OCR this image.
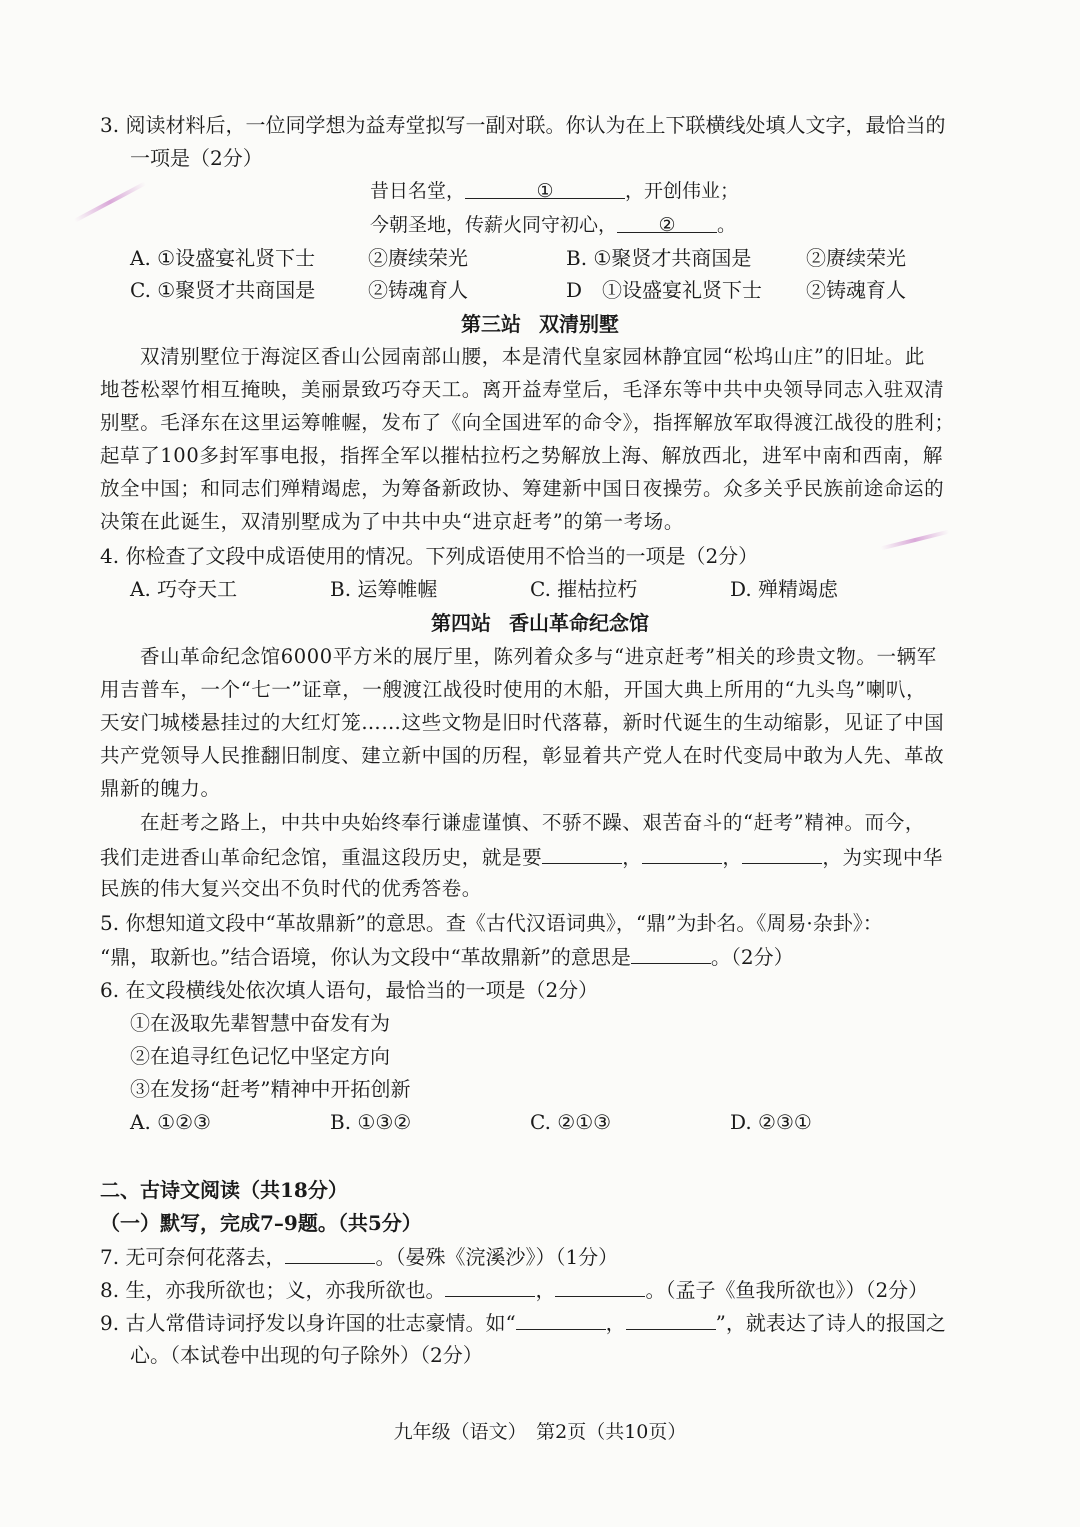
3. 阅读材料后，一位同学想为益寿堂拟写一副对联。你认为在上下联横线处填人文字，最恰当的
一项是（2分）
昔日名堂，	①	，开创伟业；
今朝圣地，传薪火同守初心， ② 。
A. ①设盛宴礼贤下士	②赓续荣光	B. ①聚贤才共商国是	②赓续荣光
C. ①聚贤才共商国是	②铸魂育人	D　①设盛宴礼贤下士 ②铸魂育人
第三站 双清别墅
双清别墅位于海淀区香山公园南部山腰，本是清代皇家园林静宜园“松坞山庄”的旧址。此
地苍松翠竹相互掩映，美丽景致巧夺天工。离开益寿堂后，毛泽东等中共中央领导同志入驻双清
别墅。毛泽东在这里运筹帷幄，发布了《向全国进军的命令》，指挥解放军取得渡江战役的胜利；
起草了100多封军事电报，指挥全军以摧枯拉朽之势解放上海、解放西北，进军中南和西南，解
放全中国；和同志们殚精竭虑，为筹备新政协、筹建新中国日夜操劳。众多关乎民族前途命运的
决策在此诞生，双清别墅成为了中共中央“进京赶考”的第一考场。
4. 你检查了文段中成语使用的情况。下列成语使用不恰当的一项是（2分）
A. 巧夺天工	B. 运筹帷幄	C. 摧枯拉朽	D. 殚精竭虑
第四站 香山革命纪念馆
香山革命纪念馆6000平方米的展厅里，陈列着众多与“进京赶考”相关的珍贵文物。一辆军
用吉普车，一个“七一”证章，一艘渡江战役时使用的木船，开国大典上所用的“九头鸟”喇叭，
天安门城楼悬挂过的大红灯笼……这些文物是旧时代落幕，新时代诞生的生动缩影，见证了中国
共产党领导人民推翻旧制度、建立新中国的历程，彰显着共产党人在时代变局中敢为人先、革故
鼎新的魄力。
在赶考之路上，中共中央始终奉行谦虚谨慎、不骄不躁、艰苦奋斗的“赶考”精神。而今，
我们走进香山革命纪念馆，重温这段历史，就是要	，	，	，为实现中华
民族的伟大复兴交出不负时代的优秀答卷。
5. 你想知道文段中“革故鼎新”的意思。查《古代汉语词典》，“鼎”为卦名。《周易·杂卦》：
“鼎，取新也。”结合语境，你认为文段中“革故鼎新”的意思是	。（2分）
6. 在文段横线处依次填人语句，最恰当的一项是（2分）
①在汲取先辈智慧中奋发有为
②在追寻红色记忆中坚定方向
③在发扬“赶考”精神中开拓创新
A. ①②③	B. ①③②	C. ②①③	D. ②③①
二、古诗文阅读（共18分）
（一）默写，完成7–9题。（共5分）
7. 无可奈何花落去，	。（晏殊《浣溪沙》）（1分）
8. 生，亦我所欲也；义，亦我所欲也。	，	。（孟子《鱼我所欲也》）（2分）
9. 古人常借诗词抒发以身许国的壮志豪情。如“	，	”，就表达了诗人的报国之
心。（本试卷中出现的句子除外）（2分）
九年级（语文）　第2页（共10页）
